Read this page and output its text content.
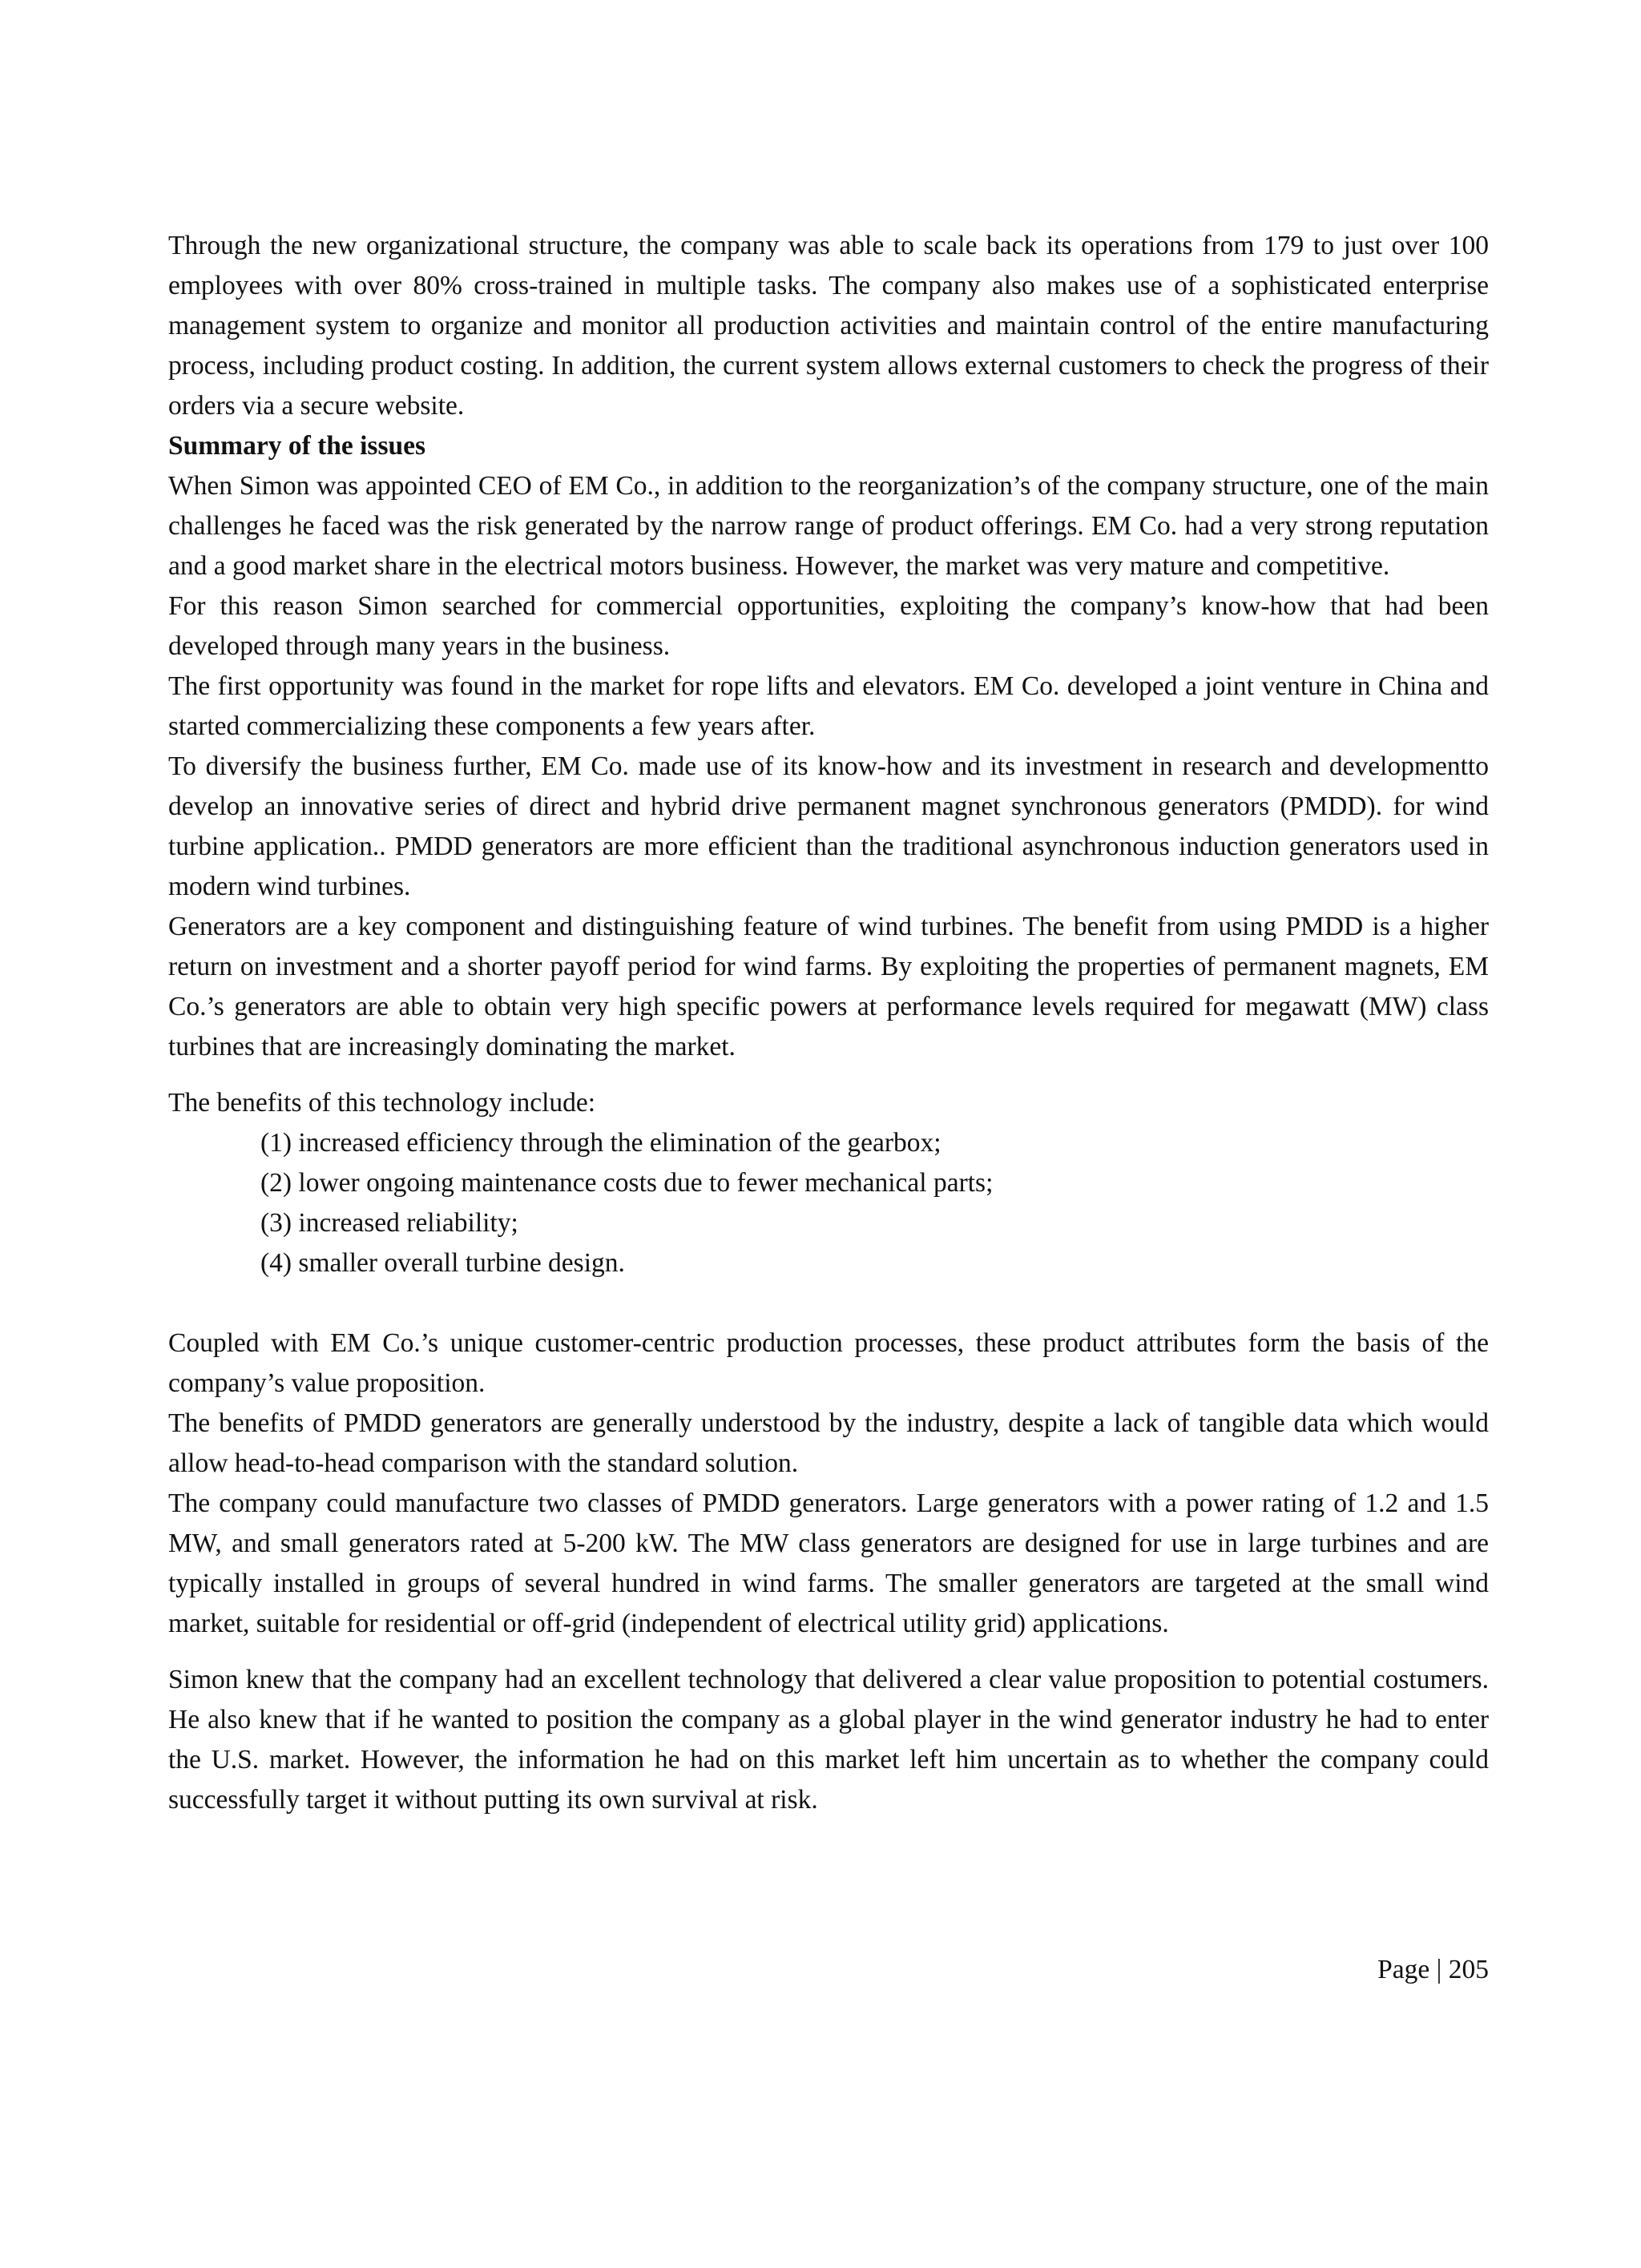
Through the new organizational structure, the company was able to scale back its operations from 179 to just over 100 employees with over 80% cross-trained in multiple tasks. The company also makes use of a sophisticated enterprise management system to organize and monitor all production activities and maintain control of the entire manufacturing process, including product costing. In addition, the current system allows external customers to check the progress of their orders via a secure website.

Summary of the issues

When Simon was appointed CEO of EM Co., in addition to the reorganization’s of the company structure, one of the main challenges he faced was the risk generated by the narrow range of product offerings. EM Co. had a very strong reputation and a good market share in the electrical motors business. However, the market was very mature and competitive.

For this reason Simon searched for commercial opportunities, exploiting the company’s know-how that had been developed through many years in the business.

The first opportunity was found in the market for rope lifts and elevators. EM Co. developed a joint venture in China and started commercializing these components a few years after.

To diversify the business further, EM Co. made use of its know-how and its investment in research and developmentto develop an innovative series of direct and hybrid drive permanent magnet synchronous generators (PMDD). for wind turbine application.. PMDD generators are more efficient than the traditional asynchronous induction generators used in modern wind turbines.

Generators are a key component and distinguishing feature of wind turbines. The benefit from using PMDD is a higher return on investment and a shorter payoff period for wind farms. By exploiting the properties of permanent magnets, EM Co.’s generators are able to obtain very high specific powers at performance levels required for megawatt (MW) class turbines that are increasingly dominating the market.

The benefits of this technology include:

(1) increased efficiency through the elimination of the gearbox;
(2) lower ongoing maintenance costs due to fewer mechanical parts;
(3) increased reliability;
(4) smaller overall turbine design.

Coupled with EM Co.’s unique customer-centric production processes, these product attributes form the basis of the company’s value proposition.

The benefits of PMDD generators are generally understood by the industry, despite a lack of tangible data which would allow head-to-head comparison with the standard solution.

The company could manufacture two classes of PMDD generators. Large generators with a power rating of 1.2 and 1.5 MW, and small generators rated at 5-200 kW. The MW class generators are designed for use in large turbines and are typically installed in groups of several hundred in wind farms. The smaller generators are targeted at the small wind market, suitable for residential or off-grid (independent of electrical utility grid) applications.

Simon knew that the company had an excellent technology that delivered a clear value proposition to potential costumers. He also knew that if he wanted to position the company as a global player in the wind generator industry he had to enter the U.S. market. However, the information he had on this market left him uncertain as to whether the company could successfully target it without putting its own survival at risk.

Page | 205
